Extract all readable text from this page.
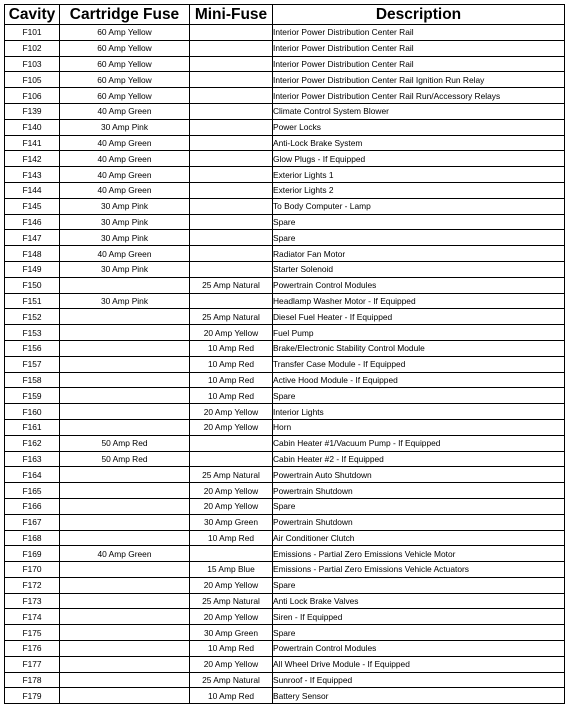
Cavity	Cartridge Fuse	Mini-Fuse	Description
F101	60 Amp Yellow		Interior Power Distribution Center Rail
F102	60 Amp Yellow		Interior Power Distribution Center Rail
F103	60 Amp Yellow		Interior Power Distribution Center Rail
F105	60 Amp Yellow		Interior Power Distribution Center Rail Ignition Run Relay
F106	60 Amp Yellow		Interior Power Distribution Center Rail Run/Accessory Relays
F139	40 Amp Green		Climate Control System Blower
F140	30 Amp Pink		Power Locks
F141	40 Amp Green		Anti-Lock Brake System
F142	40 Amp Green		Glow Plugs - If Equipped
F143	40 Amp Green		Exterior Lights 1
F144	40 Amp Green		Exterior Lights 2
F145	30 Amp Pink		To Body Computer - Lamp
F146	30 Amp Pink		Spare
F147	30 Amp Pink		Spare
F148	40 Amp Green		Radiator Fan Motor
F149	30 Amp Pink		Starter Solenoid
F150		25 Amp Natural	Powertrain Control Modules
F151	30 Amp Pink		Headlamp Washer Motor - If Equipped
F152		25 Amp Natural	Diesel Fuel Heater - If Equipped
F153		20 Amp Yellow	Fuel Pump
F156		10 Amp Red	Brake/Electronic Stability Control Module
F157		10 Amp Red	Transfer Case Module - If Equipped
F158		10 Amp Red	Active Hood Module - If Equipped
F159		10 Amp Red	Spare
F160		20 Amp Yellow	Interior Lights
F161		20 Amp Yellow	Horn
F162	50 Amp Red		Cabin Heater #1/Vacuum Pump - If Equipped
F163	50 Amp Red		Cabin Heater #2 - If Equipped
F164		25 Amp Natural	Powertrain Auto Shutdown
F165		20 Amp Yellow	Powertrain Shutdown
F166		20 Amp Yellow	Spare
F167		30 Amp Green	Powertrain Shutdown
F168		10 Amp Red	Air Conditioner Clutch
F169	40 Amp Green		Emissions - Partial Zero Emissions Vehicle Motor
F170		15 Amp Blue	Emissions - Partial Zero Emissions Vehicle Actuators
F172		20 Amp Yellow	Spare
F173		25 Amp Natural	Anti Lock Brake Valves
F174		20 Amp Yellow	Siren - If Equipped
F175		30 Amp Green	Spare
F176		10 Amp Red	Powertrain Control Modules
F177		20 Amp Yellow	All Wheel Drive Module - If Equipped
F178		25 Amp Natural	Sunroof - If Equipped
F179		10 Amp Red	Battery Sensor
